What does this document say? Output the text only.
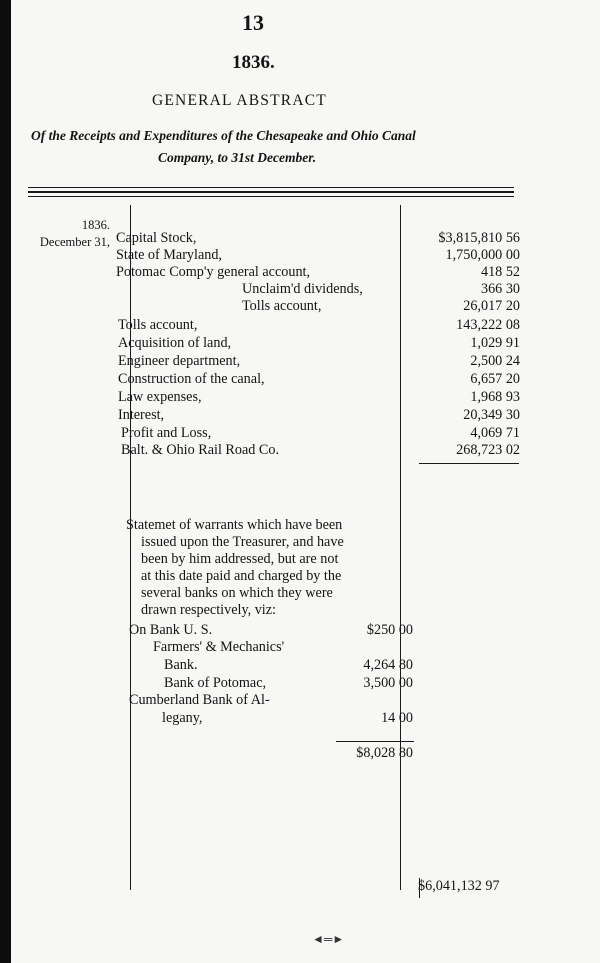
13
1836.
GENERAL ABSTRACT
Of the Receipts and Expenditures of the Chesapeake and Ohio Canal
Company, to 31st December.
1836.
December 31, Capital Stock,	$3,815,810 56
State of Maryland,	1,750,000 00
Potomac Comp'y general account,	418 52
Unclaim'd dividends,	366 30
Tolls account,	26,017 20
Tolls account,	143,222 08
Acquisition of land,	1,029 91
Engineer department,	2,500 24
Construction of the canal,	6,657 20
Law expenses,	1,968 93
Interest,	20,349 30
Profit and Loss,	4,069 71
Balt. & Ohio Rail Road Co.	268,723 02
Statemet of warrants which have been
issued upon the Treasurer, and have
been by him addressed, but are not
at this date paid and charged by the
several banks on which they were
drawn respectively, viz:
On Bank U. S.	$250 00
Farmers' & Mechanics'
Bank.	4,264 80
Bank of Potomac,	3,500 00
Cumberland Bank of Al-
legany,	14 00
$8,028 80
$6,041,132 97
◄═►
